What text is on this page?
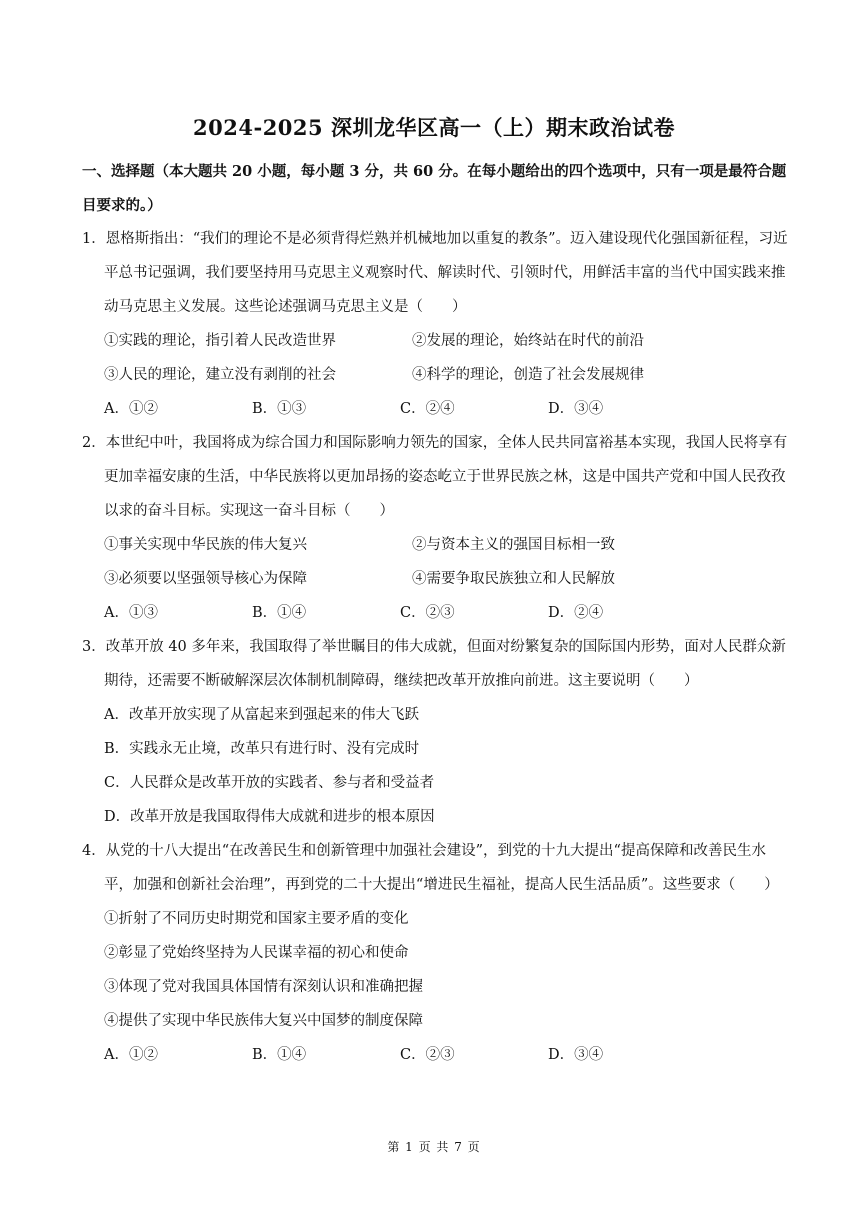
2024-2025 深圳龙华区高一（上）期末政治试卷
一、选择题（本大题共 20 小题，每小题 3 分，共 60 分。在每小题给出的四个选项中，只有一项是最符合题目要求的。）
1．恩格斯指出：“我们的理论不是必须背得烂熟并机械地加以重复的教条”。迈入建设现代化强国新征程，习近平总书记强调，我们要坚持用马克思主义观察时代、解读时代、引领时代，用鲜活丰富的当代中国实践来推动马克思主义发展。这些论述强调马克思主义是（　　）
①实践的理论，指引着人民改造世界	②发展的理论，始终站在时代的前沿
③人民的理论，建立没有剥削的社会	④科学的理论，创造了社会发展规律
A．①②	B．①③	C．②④	D．③④
2．本世纪中叶，我国将成为综合国力和国际影响力领先的国家，全体人民共同富裕基本实现，我国人民将享有更加幸福安康的生活，中华民族将以更加昂扬的姿态屹立于世界民族之林，这是中国共产党和中国人民孜孜以求的奋斗目标。实现这一奋斗目标（　　）
①事关实现中华民族的伟大复兴	②与资本主义的强国目标相一致
③必须要以坚强领导核心为保障	④需要争取民族独立和人民解放
A．①③	B．①④	C．②③	D．②④
3．改革开放 40 多年来，我国取得了举世瞩目的伟大成就，但面对纷繁复杂的国际国内形势，面对人民群众新期待，还需要不断破解深层次体制机制障碍，继续把改革开放推向前进。这主要说明（　　）
A．改革开放实现了从富起来到强起来的伟大飞跃
B．实践永无止境，改革只有进行时、没有完成时
C．人民群众是改革开放的实践者、参与者和受益者
D．改革开放是我国取得伟大成就和进步的根本原因
4．从党的十八大提出“在改善民生和创新管理中加强社会建设”，到党的十九大提出“提高保障和改善民生水平，加强和创新社会治理”，再到党的二十大提出“增进民生福祉，提高人民生活品质”。这些要求（　　）
①折射了不同历史时期党和国家主要矛盾的变化
②彰显了党始终坚持为人民谋幸福的初心和使命
③体现了党对我国具体国情有深刻认识和准确把握
④提供了实现中华民族伟大复兴中国梦的制度保障
A．①②	B．①④	C．②③	D．③④
第 1 页 共 7 页
